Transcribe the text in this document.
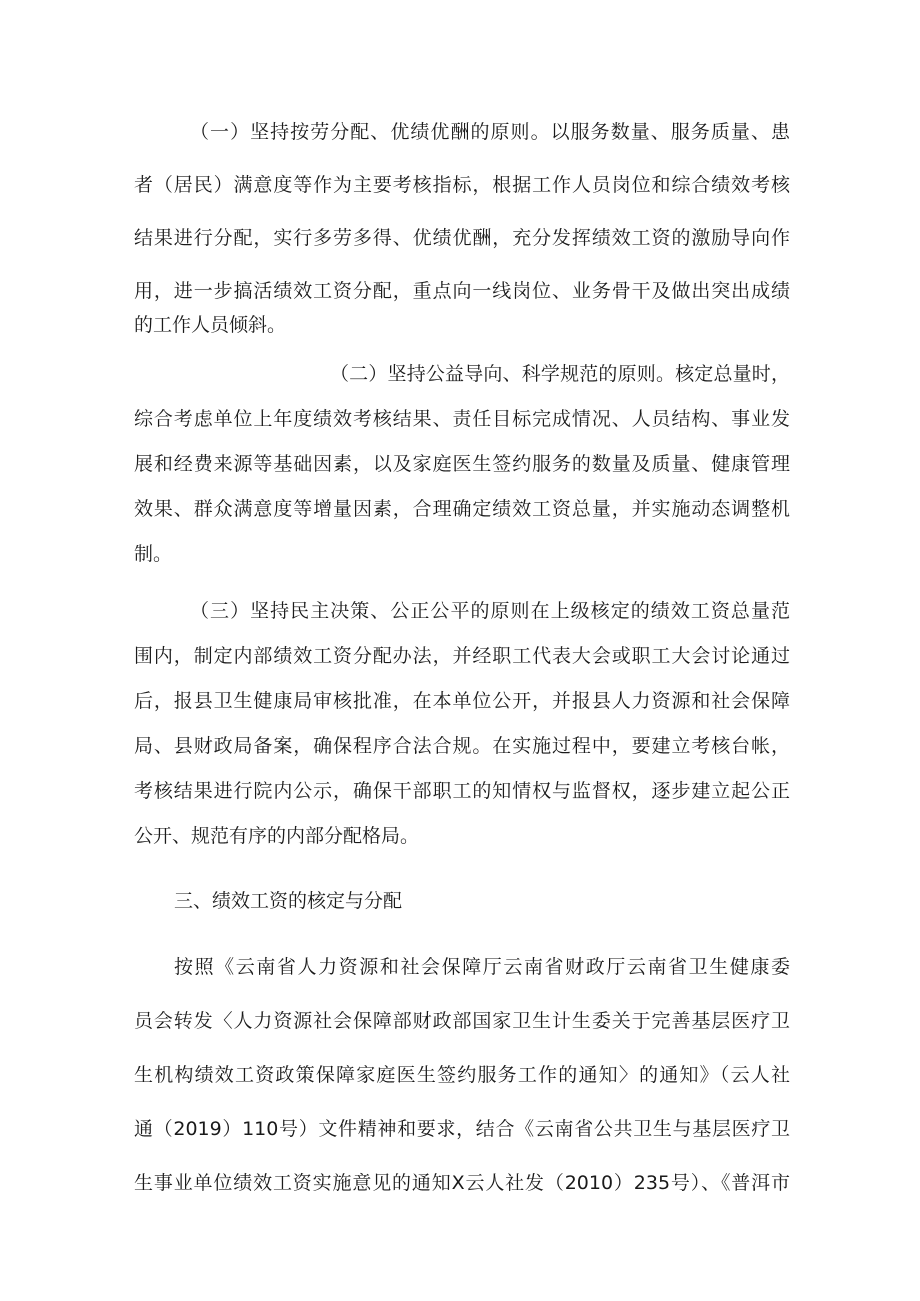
（一）坚持按劳分配、优绩优酬的原则。以服务数量、服务质量、患

者（居民）满意度等作为主要考核指标，根据工作人员岗位和综合绩效考核

结果进行分配，实行多劳多得、优绩优酬，充分发挥绩效工资的激励导向作

用，进一步搞活绩效工资分配，重点向一线岗位、业务骨干及做出突出成绩

的工作人员倾斜。

（二）坚持公益导向、科学规范的原则。核定总量时，

综合考虑单位上年度绩效考核结果、责任目标完成情况、人员结构、事业发

展和经费来源等基础因素，以及家庭医生签约服务的数量及质量、健康管理

效果、群众满意度等增量因素，合理确定绩效工资总量，并实施动态调整机

制。

（三）坚持民主决策、公正公平的原则在上级核定的绩效工资总量范

围内，制定内部绩效工资分配办法，并经职工代表大会或职工大会讨论通过

后，报县卫生健康局审核批准，在本单位公开，并报县人力资源和社会保障

局、县财政局备案，确保程序合法合规。在实施过程中，要建立考核台帐，

考核结果进行院内公示，确保干部职工的知情权与监督权，逐步建立起公正

公开、规范有序的内部分配格局。

三、绩效工资的核定与分配

按照《云南省人力资源和社会保障厅云南省财政厅云南省卫生健康委

员会转发〈人力资源社会保障部财政部国家卫生计生委关于完善基层医疗卫

生机构绩效工资政策保障家庭医生签约服务工作的通知〉的通知》（云人社

通（2019）110号）文件精神和要求，结合《云南省公共卫生与基层医疗卫

生事业单位绩效工资实施意见的通知X云人社发（2010）235号）、《普洱市
